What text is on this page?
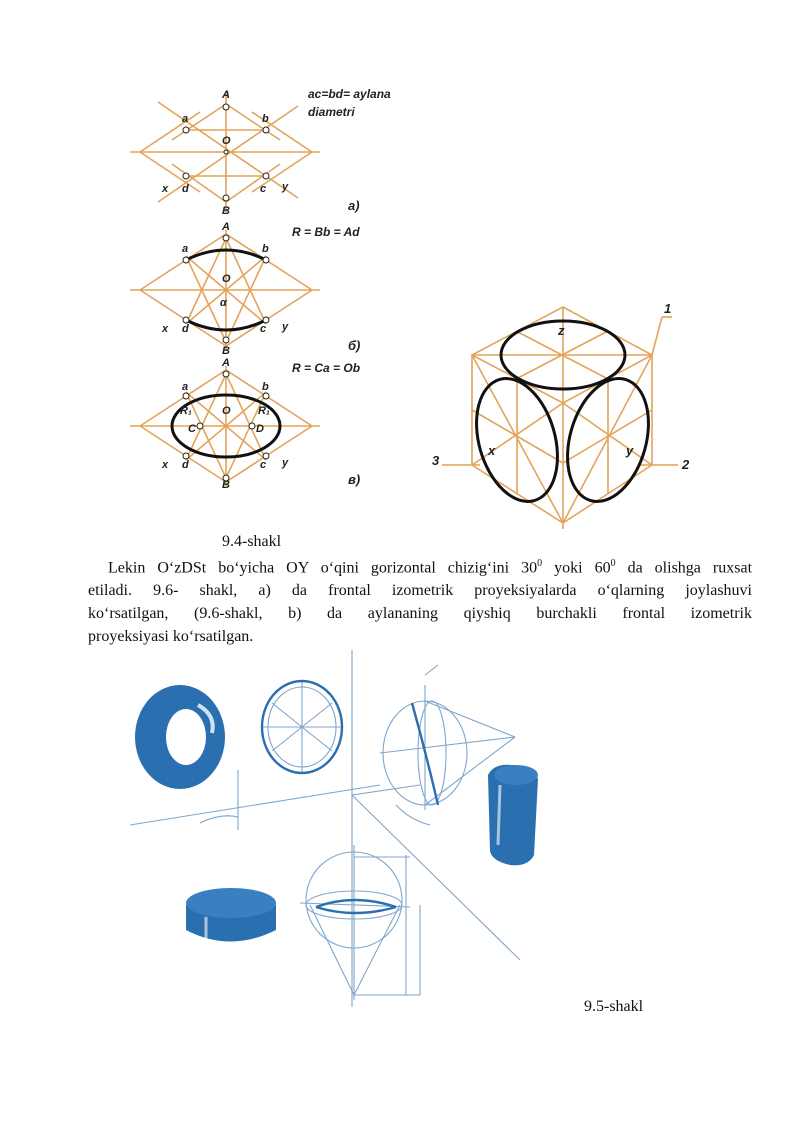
A
a	b
O
x d	c y
B
ac=bd= aylana
diametri
a)
A
a	b
O
α
x d	c y
B
R = Bb = Ad
б)
A
a	b
R₁	R₁
O
C	D
x d	c y
B
R = Ca = Ob
в)
z
x	y
1
2
3
9.4-shakl
Lekin O‘zDSt bo‘yicha OY o‘qini gorizontal chizig‘ini $30^0$ yoki $60^0$ da olishga ruxsat
etiladi. 9.6- shakl, a) da frontal izometrik proyeksiyalarda o‘qlarning joylashuvi
ko‘rsatilgan, (9.6-shakl, b) da aylananing qiyshiq burchakli frontal izometrik
proyeksiyasi ko‘rsatilgan.
9.5-shakl
